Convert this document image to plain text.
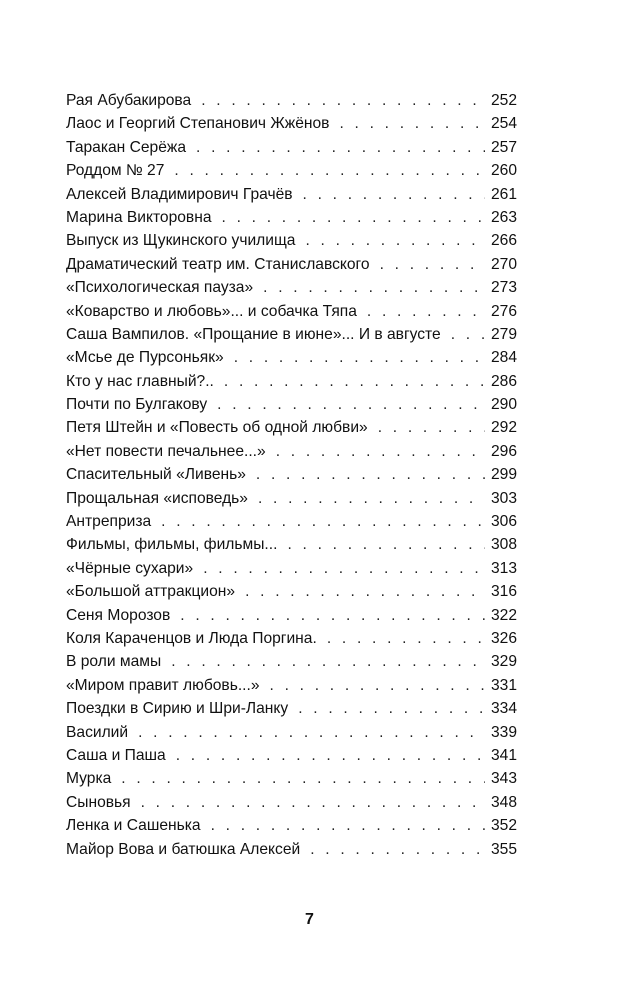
Рая Абубакирова . . .	252
Лаос и Георгий Степанович Жжёнов . . .	254
Таракан Серёжа . . .	257
Роддом № 27 . . .	260
Алексей Владимирович Грачёв . . .	261
Марина Викторовна . . .	263
Выпуск из Щукинского училища . . .	266
Драматический театр им. Станиславского . . .	270
«Психологическая пауза» . . .	273
«Коварство и любовь»... и собачка Тяпа . . .	276
Саша Вампилов. «Прощание в июне»... И в августе . . .	279
«Мсье де Пурсоньяк» . . .	284
Кто у нас главный?.. . . .	286
Почти по Булгакову . . .	290
Петя Штейн и «Повесть об одной любви» . . .	292
«Нет повести печальнее...» . . .	296
Спасительный «Ливень» . . .	299
Прощальная «исповедь» . . .	303
Антреприза . . .	306
Фильмы, фильмы, фильмы... . . .	308
«Чёрные сухари» . . .	313
«Большой аттракцион» . . .	316
Сеня Морозов . . .	322
Коля Караченцов и Люда Поргина. . . .	326
В роли мамы . . .	329
«Миром правит любовь...» . . .	331
Поездки в Сирию и Шри-Ланку . . .	334
Василий . . .	339
Саша и Паша . . .	341
Мурка . . .	343
Сыновья . . .	348
Ленка и Сашенька . . .	352
Майор Вова и батюшка Алексей . . .	355
7
